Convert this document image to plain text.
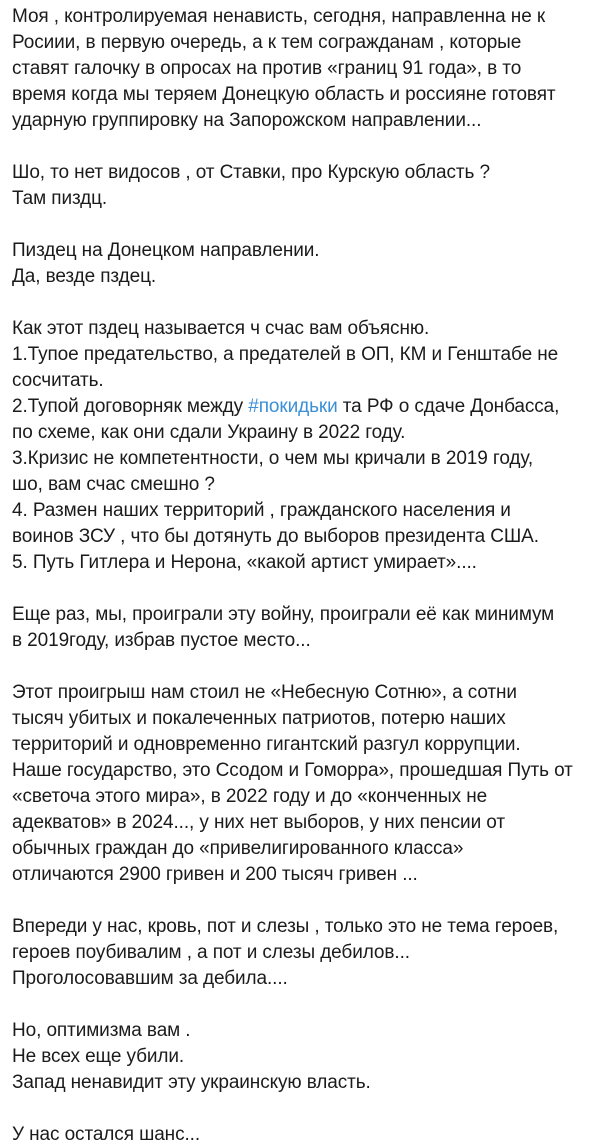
Моя , контролируемая ненависть, сегодня, направленна не к
Росиии, в первую очередь, а к тем согражданам , которые
ставят галочку в опросах на против «границ 91 года», в то
время когда мы теряем Донецкую область и россияне готовят
ударную группировку на Запорожском направлении...
Шо, то нет видосов , от Ставки, про Курскую область ?
Там пиздц.
Пиздец на Донецком направлении.
Да, везде пздец.
Как этот пздец называется ч счас вам объясню.
1.Тупое предательство, а предателей в ОП, КМ и Генштабе не
сосчитать.
2.Тупой договорняк между #покидьки та РФ о сдаче Донбасса,
по схеме, как они сдали Украину в 2022 году.
3.Кризис не компетентности, о чем мы кричали в 2019 году,
шо, вам счас смешно ?
4. Размен наших территорий , гражданского населения и
воинов ЗСУ , что бы дотянуть до выборов президента США.
5. Путь Гитлера и Нерона, «какой артист умирает»....
Еще раз, мы, проиграли эту войну, проиграли её как минимум
в 2019году, избрав пустое место...
Этот проигрыш нам стоил не «Небесную Сотню», а сотни
тысяч убитых и покалеченных патриотов, потерю наших
территорий и одновременно гигантский разгул коррупции.
Наше государство, это Ссодом и Гоморра», прошедшая Путь от
«светоча этого мира», в 2022 году и до «конченных не
адекватов» в 2024..., у них нет выборов, у них пенсии от
обычных граждан до «привелигированного класса»
отличаются 2900 гривен и 200 тысяч гривен ...
Впереди у нас, кровь, пот и слезы , только это не тема героев,
героев поубивалим , а пот и слезы дебилов...
Проголосовавшим за дебила....
Но, оптимизма вам .
Не всех еще убили.
Запад ненавидит эту украинскую власть.
У нас остался шанс...
